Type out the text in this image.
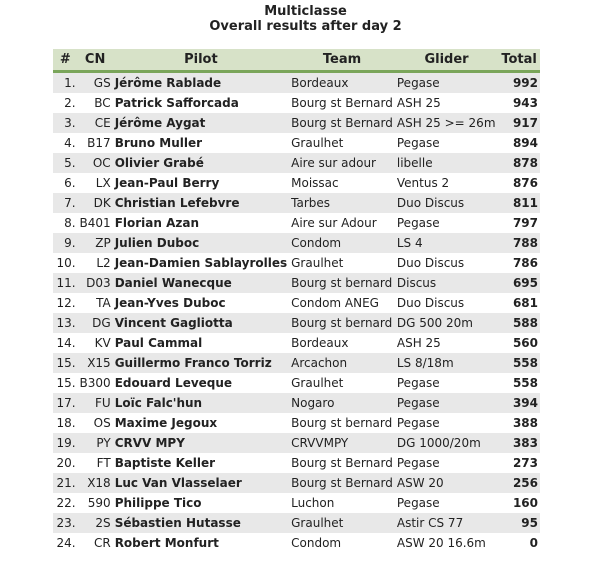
Multiclasse
Overall results after day 2
#	CN	Pilot	Team	Glider	Total
1.	GS	Jérôme Rablade	Bordeaux	Pegase	992
2.	BC	Patrick Safforcada	Bourg st Bernard	ASH 25	943
3.	CE	Jérôme Aygat	Bourg st Bernard	ASH 25 >= 26m	917
4.	B17	Bruno Muller	Graulhet	Pegase	894
5.	OC	Olivier Grabé	Aire sur adour	libelle	878
6.	LX	Jean-Paul Berry	Moissac	Ventus 2	876
7.	DK	Christian Lefebvre	Tarbes	Duo Discus	811
8.	B401	Florian Azan	Aire sur Adour	Pegase	797
9.	ZP	Julien Duboc	Condom	LS 4	788
10.	L2	Jean-Damien Sablayrolles	Graulhet	Duo Discus	786
11.	D03	Daniel Wanecque	Bourg st bernard	Discus	695
12.	TA	Jean-Yves Duboc	Condom ANEG	Duo Discus	681
13.	DG	Vincent Gagliotta	Bourg st bernard	DG 500 20m	588
14.	KV	Paul Cammal	Bordeaux	ASH 25	560
15.	X15	Guillermo Franco Torriz	Arcachon	LS 8/18m	558
15.	B300	Edouard Leveque	Graulhet	Pegase	558
17.	FU	Loïc Falc'hun	Nogaro	Pegase	394
18.	OS	Maxime Jegoux	Bourg st bernard	Pegase	388
19.	PY	CRVV MPY	CRVVMPY	DG 1000/20m	383
20.	FT	Baptiste Keller	Bourg st Bernard	Pegase	273
21.	X18	Luc Van Vlasselaer	Bourg st Bernard	ASW 20	256
22.	590	Philippe Tico	Luchon	Pegase	160
23.	2S	Sébastien Hutasse	Graulhet	Astir CS 77	95
24.	CR	Robert Monfurt	Condom	ASW 20 16.6m	0
